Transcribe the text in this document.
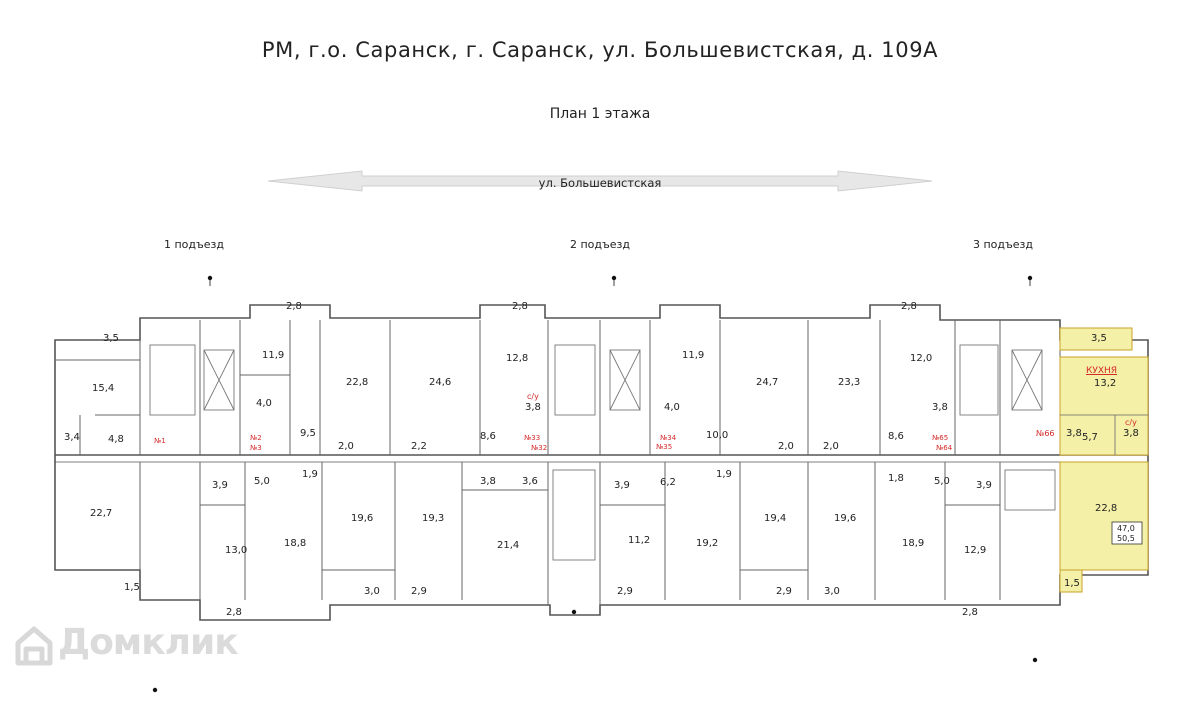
ул. Большевистская
1 подъезд	2 подъезд	3 подъезд
РМ, г.о. Саранск, г. Саранск, ул. Большевистская, д. 109А
План 1 этажа
3,5
15,4
3,4	4,8
22,7
2,8
11,9
4,0
9,5
2,0
3,9	5,0
1,9
13,0
18,8
2,8
22,8
19,6
3,0
24,6
2,2
19,3
2,9
2,8
12,8
3,8
8,6
3,8	3,6
21,4
11,9
4,0
10,0
3,9	6,2
1,9
11,2	19,2
2,9
24,7
2,0
19,4
2,9
23,3
2,0
19,6
3,0
2,8
12,0
3,8
8,6
1,8	5,0	3,9
18,9
12,9
2,8
3,5
13,2
5,7	3,8
22,8
1,5
1,5
3,8
КУХНЯ
№66
47,0
50,5
№1	№2
№3
№33
№32
№34
№35
№65
№64
с/у
с/у
Домклик
